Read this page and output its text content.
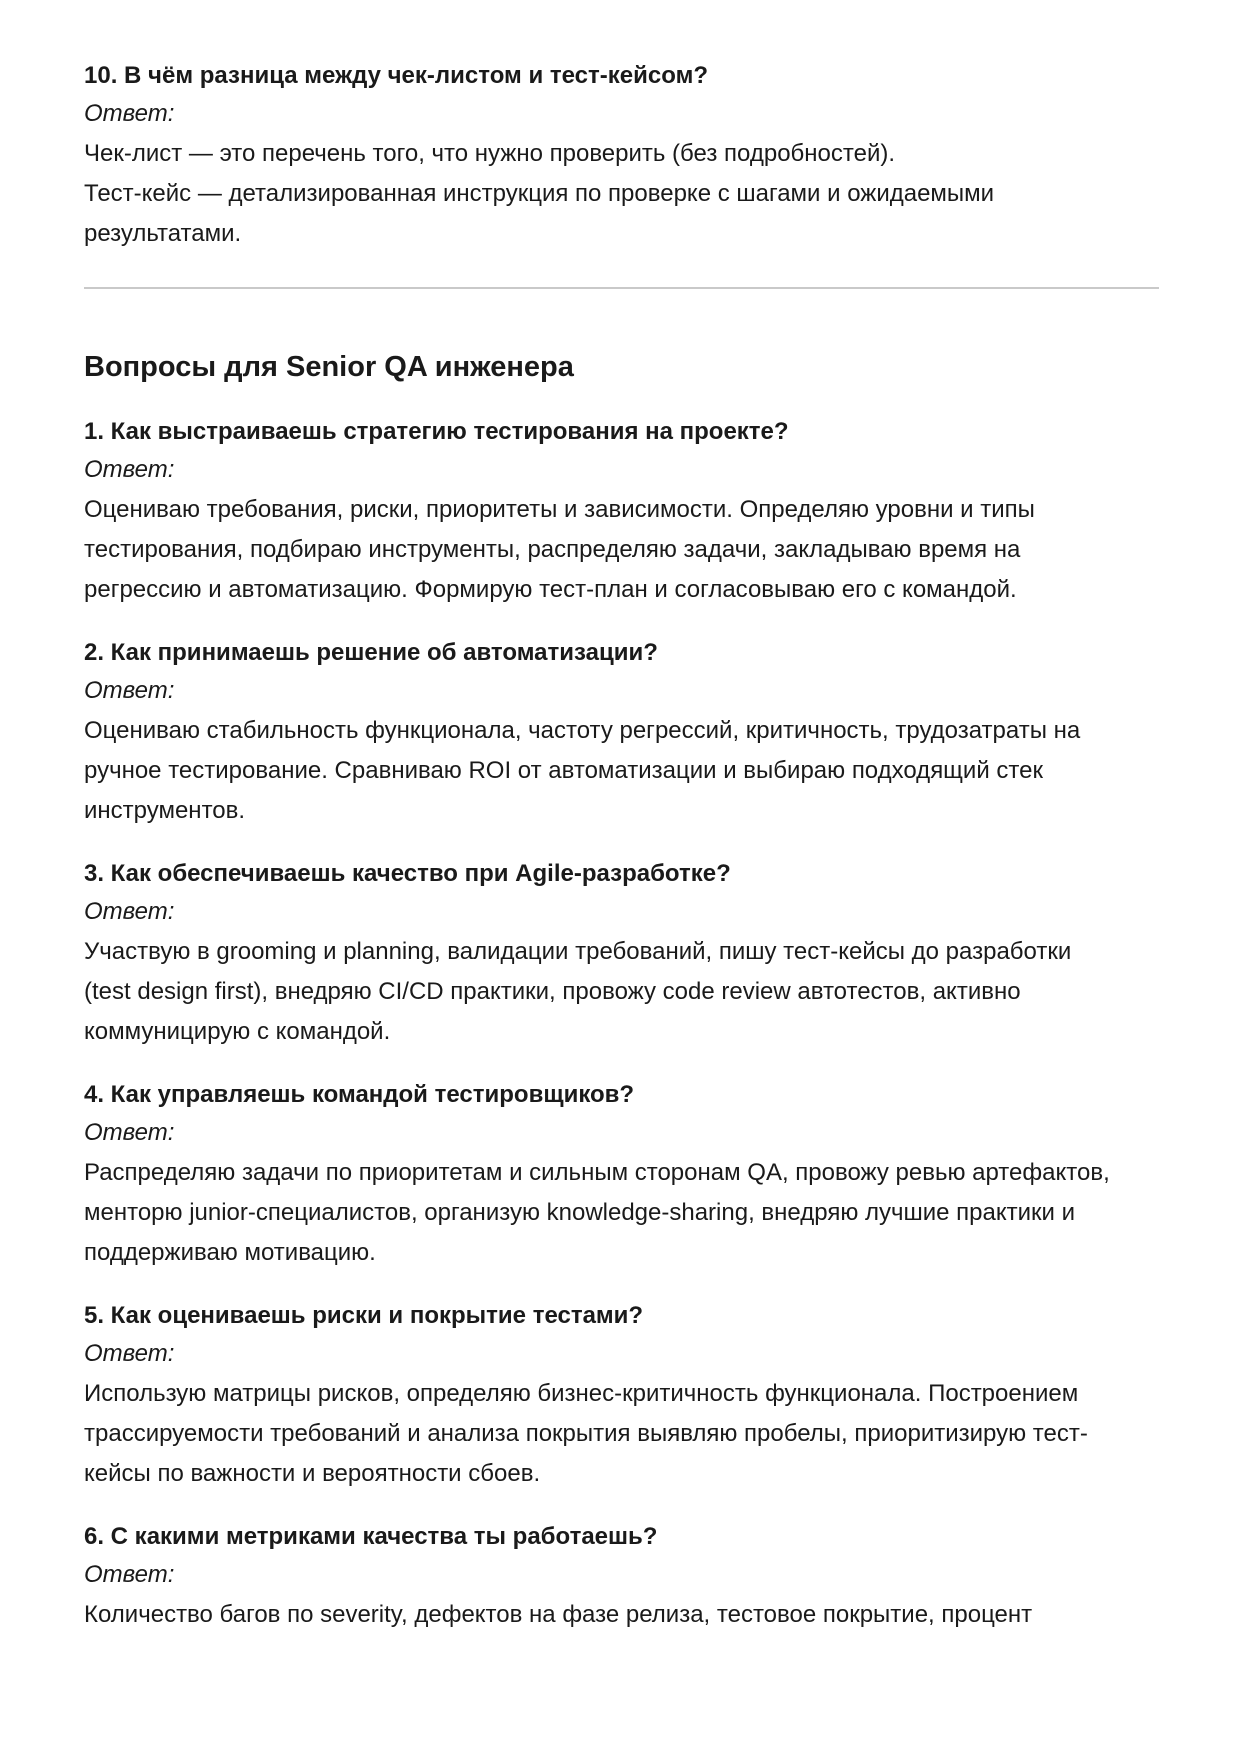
10. В чём разница между чек-листом и тест-кейсом?

Ответ:

Чек-лист — это перечень того, что нужно проверить (без подробностей).

Тест-кейс — детализированная инструкция по проверке с шагами и ожидаемыми

результатами.

Вопросы для Senior QA инженера

1. Как выстраиваешь стратегию тестирования на проекте?

Ответ:

Оцениваю требования, риски, приоритеты и зависимости. Определяю уровни и типы

тестирования, подбираю инструменты, распределяю задачи, закладываю время на

регрессию и автоматизацию. Формирую тест-план и согласовываю его с командой.

2. Как принимаешь решение об автоматизации?

Ответ:

Оцениваю стабильность функционала, частоту регрессий, критичность, трудозатраты на

ручное тестирование. Сравниваю ROI от автоматизации и выбираю подходящий стек

инструментов.

3. Как обеспечиваешь качество при Agile-разработке?

Ответ:

Участвую в grooming и planning, валидации требований, пишу тест-кейсы до разработки

(test design first), внедряю CI/CD практики, провожу code review автотестов, активно

коммуницирую с командой.

4. Как управляешь командой тестировщиков?

Ответ:

Распределяю задачи по приоритетам и сильным сторонам QA, провожу ревью артефактов,

менторю junior-специалистов, организую knowledge-sharing, внедряю лучшие практики и

поддерживаю мотивацию.

5. Как оцениваешь риски и покрытие тестами?

Ответ:

Использую матрицы рисков, определяю бизнес-критичность функционала. Построением

трассируемости требований и анализа покрытия выявляю пробелы, приоритизирую тест-

кейсы по важности и вероятности сбоев.

6. С какими метриками качества ты работаешь?

Ответ:

Количество багов по severity, дефектов на фазе релиза, тестовое покрытие, процент
